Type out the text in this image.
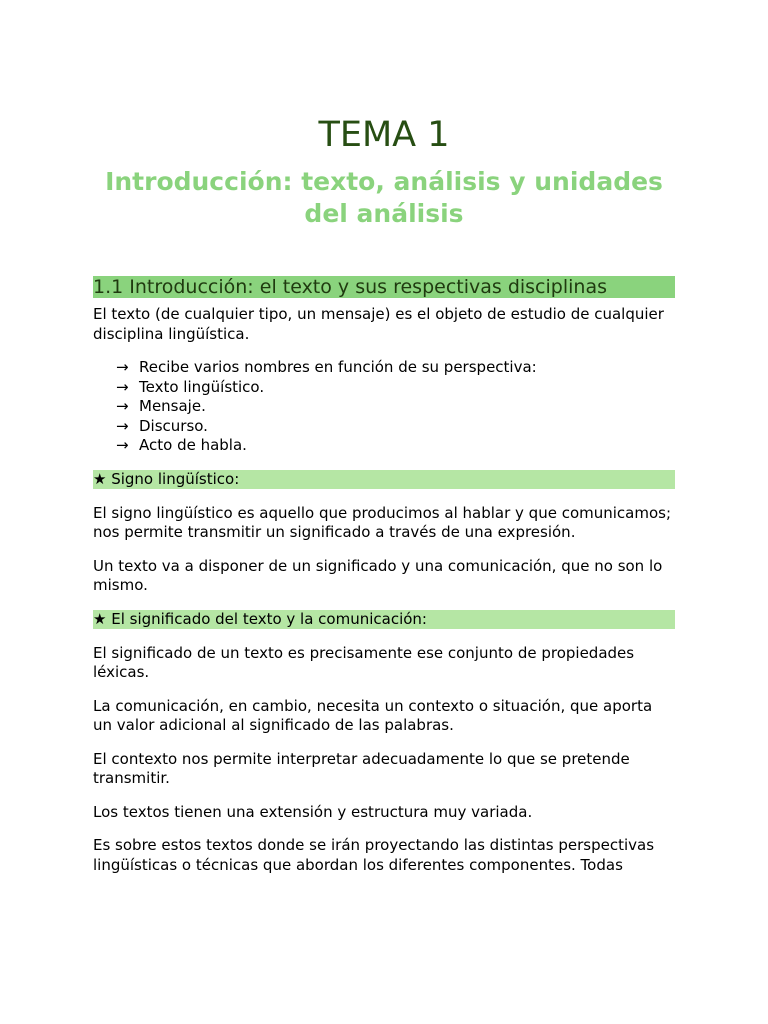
TEMA 1
Introducción: texto, análisis y unidades del análisis
1.1 Introducción: el texto y sus respectivas disciplinas

El texto (de cualquier tipo, un mensaje) es el objeto de estudio de cualquier disciplina lingüística.

→ Recibe varios nombres en función de su perspectiva:
→ Texto lingüístico.
→ Mensaje.
→ Discurso.
→ Acto de habla.
★ Signo lingüístico:

El signo lingüístico es aquello que producimos al hablar y que comunicamos; nos permite transmitir un significado a través de una expresión.

Un texto va a disponer de un significado y una comunicación, que no son lo mismo.

★ El significado del texto y la comunicación:

El significado de un texto es precisamente ese conjunto de propiedades léxicas.

La comunicación, en cambio, necesita un contexto o situación, que aporta un valor adicional al significado de las palabras.

El contexto nos permite interpretar adecuadamente lo que se pretende transmitir.

Los textos tienen una extensión y estructura muy variada.

Es sobre estos textos donde se irán proyectando las distintas perspectivas lingüísticas o técnicas que abordan los diferentes componentes. Todas
